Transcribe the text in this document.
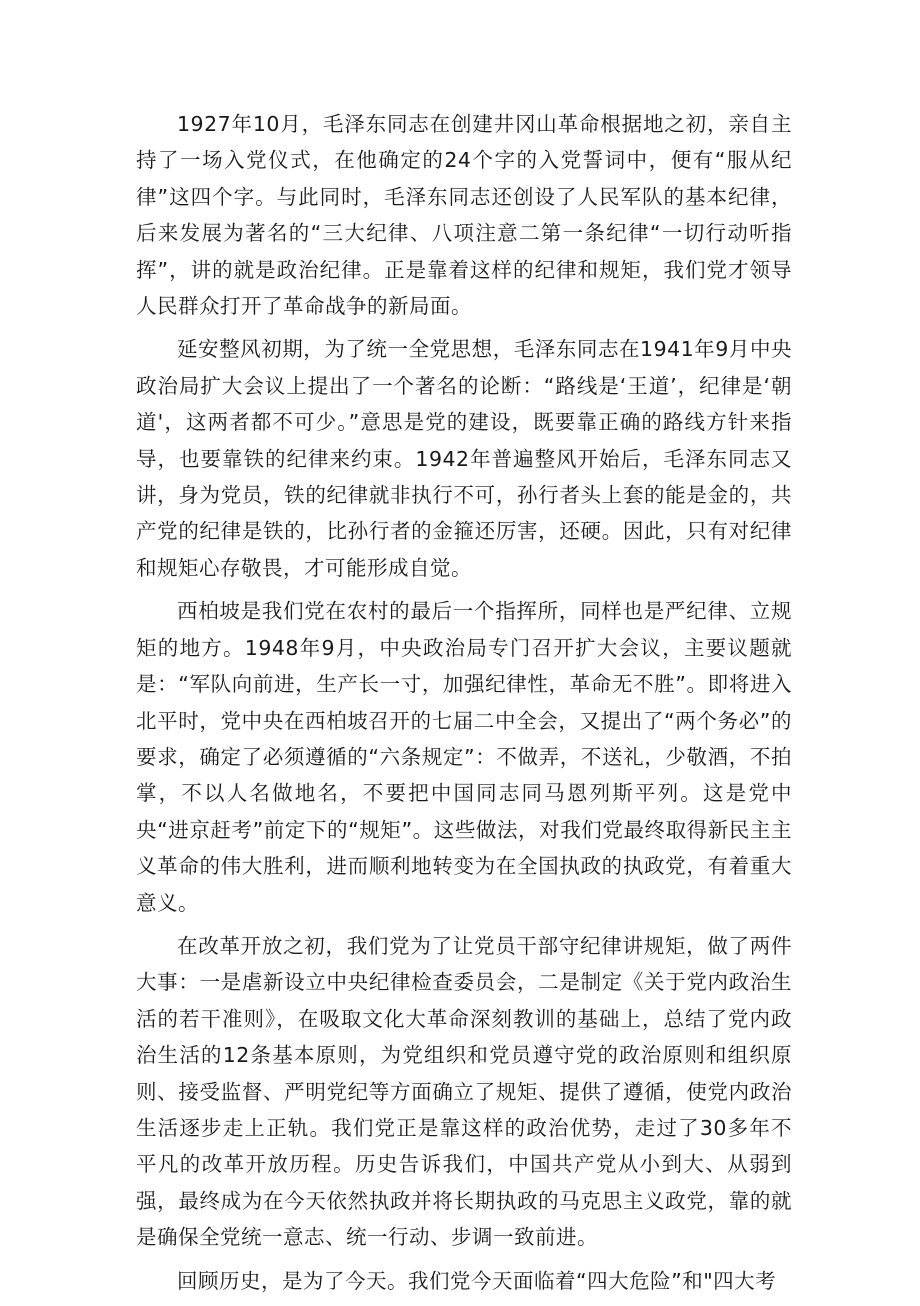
1927年10月，毛泽东同志在创建井冈山革命根据地之初，亲自主持了一场入党仪式，在他确定的24个字的入党誓词中，便有“服从纪律”这四个字。与此同时，毛泽东同志还创设了人民军队的基本纪律，后来发展为著名的“三大纪律、八项注意二第一条纪律“一切行动听指挥”，讲的就是政治纪律。正是靠着这样的纪律和规矩，我们党才领导人民群众打开了革命战争的新局面。

延安整风初期，为了统一全党思想，毛泽东同志在1941年9月中央政治局扩大会议上提出了一个著名的论断：“路线是‘王道’，纪律是‘朝道'，这两者都不可少。”意思是党的建设，既要靠正确的路线方针来指导，也要靠铁的纪律来约束。1942年普遍整风开始后，毛泽东同志又讲，身为党员，铁的纪律就非执行不可，孙行者头上套的能是金的，共产党的纪律是铁的，比孙行者的金箍还厉害，还硬。因此，只有对纪律和规矩心存敬畏，才可能形成自觉。

西柏坡是我们党在农村的最后一个指挥所，同样也是严纪律、立规矩的地方。1948年9月，中央政治局专门召开扩大会议，主要议题就是：“军队向前进，生产长一寸，加强纪律性，革命无不胜”。即将进入北平时，党中央在西柏坡召开的七届二中全会，又提出了“两个务必”的要求，确定了必须遵循的“六条规定”：不做弄，不送礼，少敬酒，不拍掌，不以人名做地名，不要把中国同志同马恩列斯平列。这是党中央“进京赶考”前定下的“规矩”。这些做法，对我们党最终取得新民主主义革命的伟大胜利，进而顺利地转变为在全国执政的执政党，有着重大意义。

在改革开放之初，我们党为了让党员干部守纪律讲规矩，做了两件大事：一是虐新设立中央纪律检查委员会，二是制定《关于党内政治生活的若干准则》，在吸取文化大革命深刻教训的基础上，总结了党内政治生活的12条基本原则，为党组织和党员遵守党的政治原则和组织原则、接受监督、严明党纪等方面确立了规矩、提供了遵循，使党内政治生活逐步走上正轨。我们党正是靠这样的政治优势，走过了30多年不平凡的改革开放历程。历史告诉我们，中国共产党从小到大、从弱到强，最终成为在今天依然执政并将长期执政的马克思主义政党，靠的就是确保全党统一意志、统一行动、步调一致前进。

回顾历史，是为了今天。我们党今天面临着“四大危险”和"四大考
